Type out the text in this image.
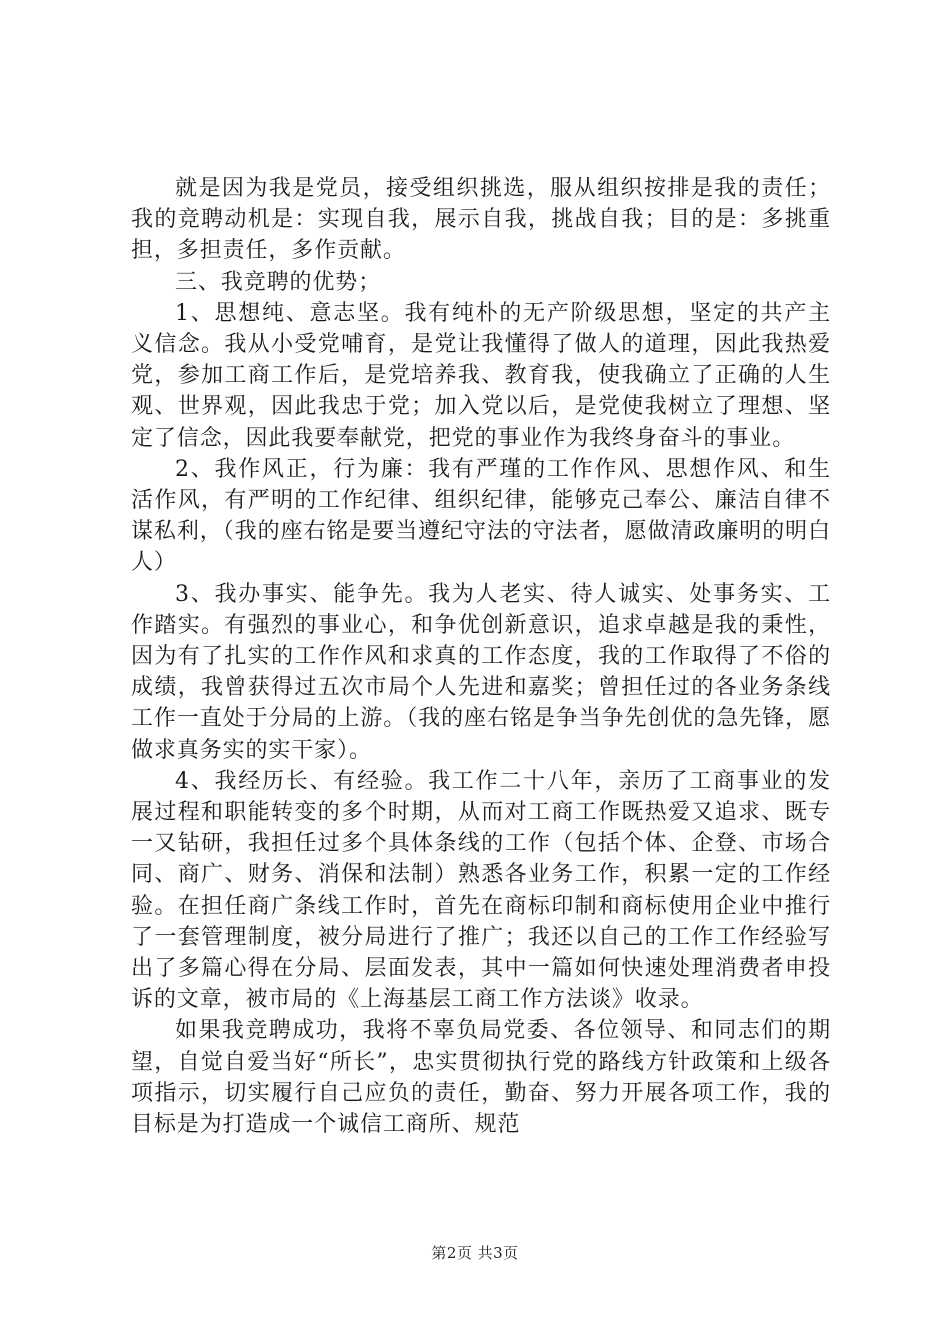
就是因为我是党员，接受组织挑选，服从组织按排是我的责任；我的竞聘动机是：实现自我，展示自我，挑战自我；目的是：多挑重担，多担责任，多作贡献。

三、我竞聘的优势；

1、思想纯、意志坚。我有纯朴的无产阶级思想，坚定的共产主义信念。我从小受党哺育，是党让我懂得了做人的道理，因此我热爱党，参加工商工作后，是党培养我、教育我，使我确立了正确的人生观、世界观，因此我忠于党；加入党以后，是党使我树立了理想、坚定了信念，因此我要奉献党，把党的事业作为我终身奋斗的事业。

2、我作风正，行为廉：我有严瑾的工作作风、思想作风、和生活作风，有严明的工作纪律、组织纪律，能够克己奉公、廉洁自律不谋私利，（我的座右铭是要当遵纪守法的守法者，愿做清政廉明的明白人）

3、我办事实、能争先。我为人老实、待人诚实、处事务实、工作踏实。有强烈的事业心，和争优创新意识，追求卓越是我的秉性，因为有了扎实的工作作风和求真的工作态度，我的工作取得了不俗的成绩，我曾获得过五次市局个人先进和嘉奖；曾担任过的各业务条线工作一直处于分局的上游。（我的座右铭是争当争先创优的急先锋，愿做求真务实的实干家）。

4、我经历长、有经验。我工作二十八年，亲历了工商事业的发展过程和职能转变的多个时期，从而对工商工作既热爱又追求、既专一又钻研，我担任过多个具体条线的工作（包括个体、企登、市场合同、商广、财务、消保和法制）熟悉各业务工作，积累一定的工作经验。在担任商广条线工作时，首先在商标印制和商标使用企业中推行了一套管理制度，被分局进行了推广；我还以自己的工作工作经验写出了多篇心得在分局、层面发表，其中一篇如何快速处理消费者申投诉的文章，被市局的《上海基层工商工作方法谈》收录。

如果我竞聘成功，我将不辜负局党委、各位领导、和同志们的期望，自觉自爱当好“所长”，忠实贯彻执行党的路线方针政策和上级各项指示，切实履行自己应负的责任，勤奋、努力开展各项工作，我的目标是为打造成一个诚信工商所、规范

第2页 共3页
